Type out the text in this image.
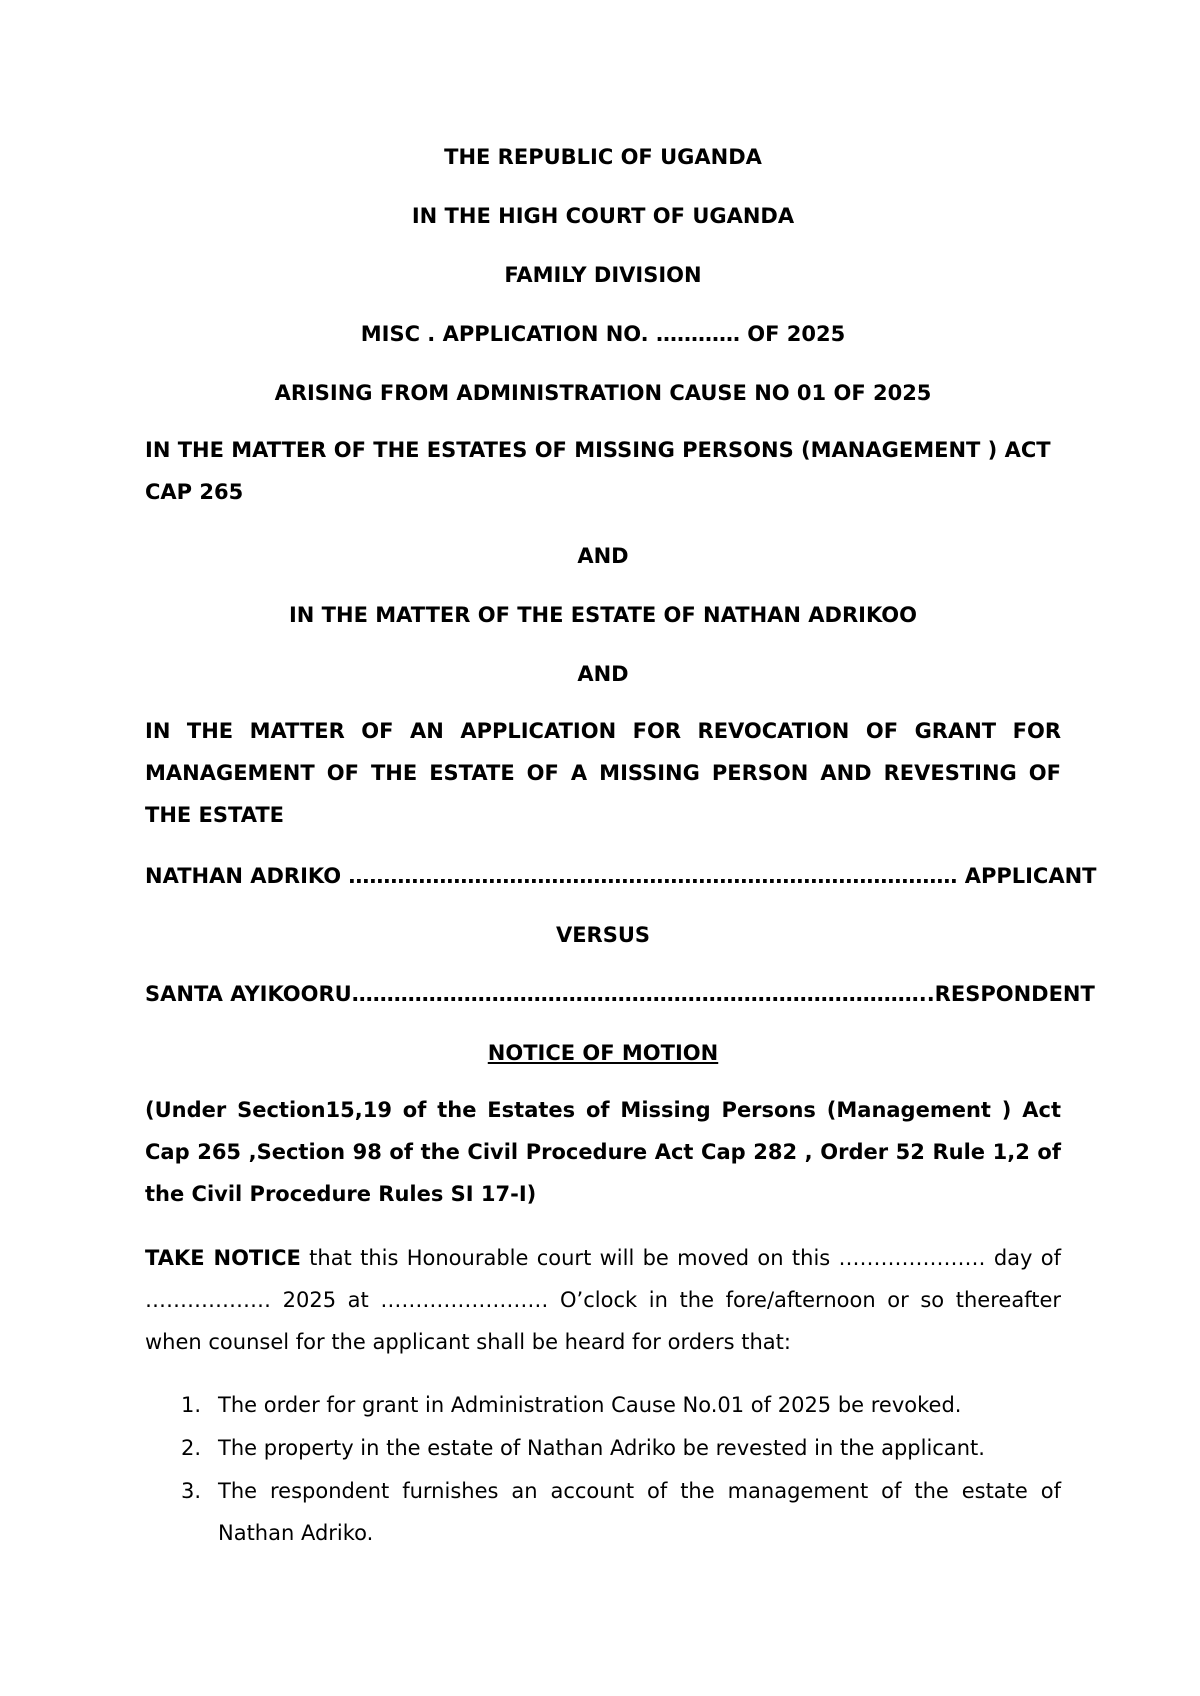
THE REPUBLIC OF UGANDA
IN THE HIGH COURT OF UGANDA
FAMILY DIVISION
MISC . APPLICATION NO. ………… OF 2025
ARISING FROM ADMINISTRATION CAUSE NO 01 OF 2025
IN THE MATTER OF THE ESTATES OF MISSING PERSONS (MANAGEMENT ) ACT CAP 265
AND
IN THE MATTER OF THE ESTATE OF NATHAN ADRIKOO
AND
IN THE MATTER OF AN APPLICATION FOR REVOCATION OF GRANT FOR MANAGEMENT OF THE ESTATE OF A MISSING PERSON AND REVESTING OF THE ESTATE
NATHAN ADRIKO …………………………………………………………………………… APPLICANT
VERSUS
SANTA AYIKOORU………………………………………………………………………..RESPONDENT
NOTICE OF MOTION
(Under Section15,19 of the Estates of Missing Persons (Management ) Act Cap 265 ,Section 98 of the Civil Procedure Act Cap 282 , Order 52 Rule 1,2 of the Civil Procedure Rules SI 17-I)
TAKE NOTICE that this Honourable court will be moved on this ………………… day of ……………… 2025 at …………………… O’clock in the fore/afternoon or so thereafter when counsel for the applicant shall be heard for orders that:
1. The order for grant in Administration Cause No.01 of 2025 be revoked.
2. The property in the estate of Nathan Adriko be revested in the applicant.
3. The respondent furnishes an account of the management of the estate of Nathan Adriko.
